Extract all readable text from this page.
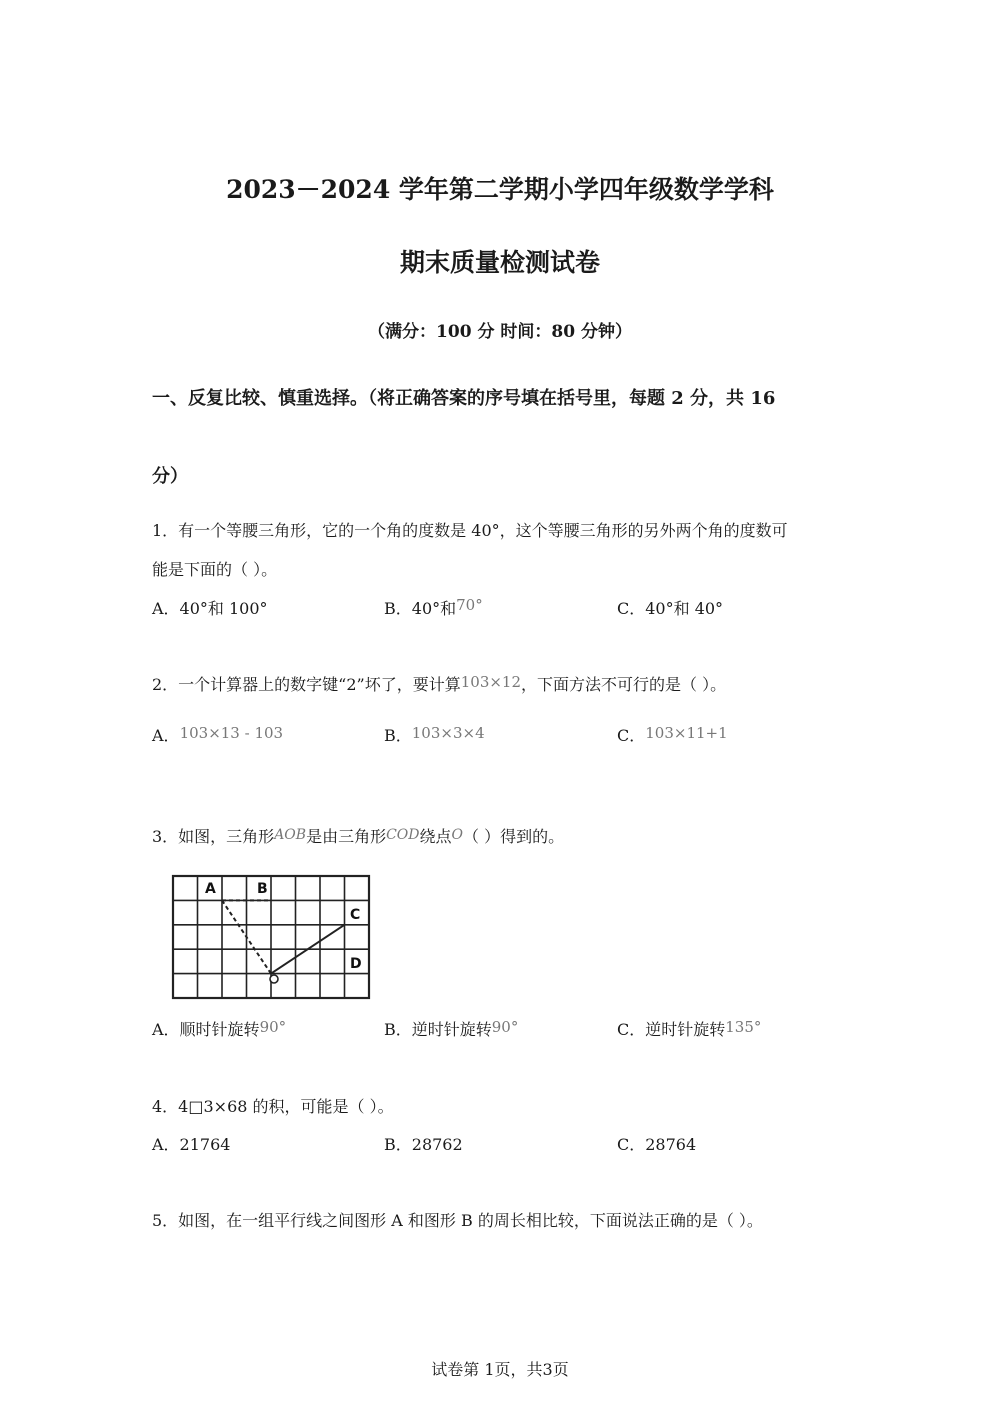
2023－2024 学年第二学期小学四年级数学学科
期末质量检测试卷
（满分：100 分 时间：80 分钟）
一、反复比较、慎重选择。（将正确答案的序号填在括号里，每题 2 分，共 16
分）
1．有一个等腰三角形，它的一个角的度数是 40°，这个等腰三角形的另外两个角的度数可
能是下面的（ ）。
A．40°和 100°	B．40°和70°	C．40°和 40°
2．一个计算器上的数字键“2”坏了，要计算103×12，下面方法不可行的是（ ）。
A．103×13 - 103	B．103×3×4	C．103×11+1
3．如图，三角形AOB是由三角形COD绕点O（ ）得到的。
A	B
C
D
A．顺时针旋转90°	B．逆时针旋转90°	C．逆时针旋转135°
4．4□3×68 的积，可能是（ ）。
A．21764	B．28762	C．28764
5．如图，在一组平行线之间图形 A 和图形 B 的周长相比较，下面说法正确的是（ ）。
试卷第 1页，共3页
